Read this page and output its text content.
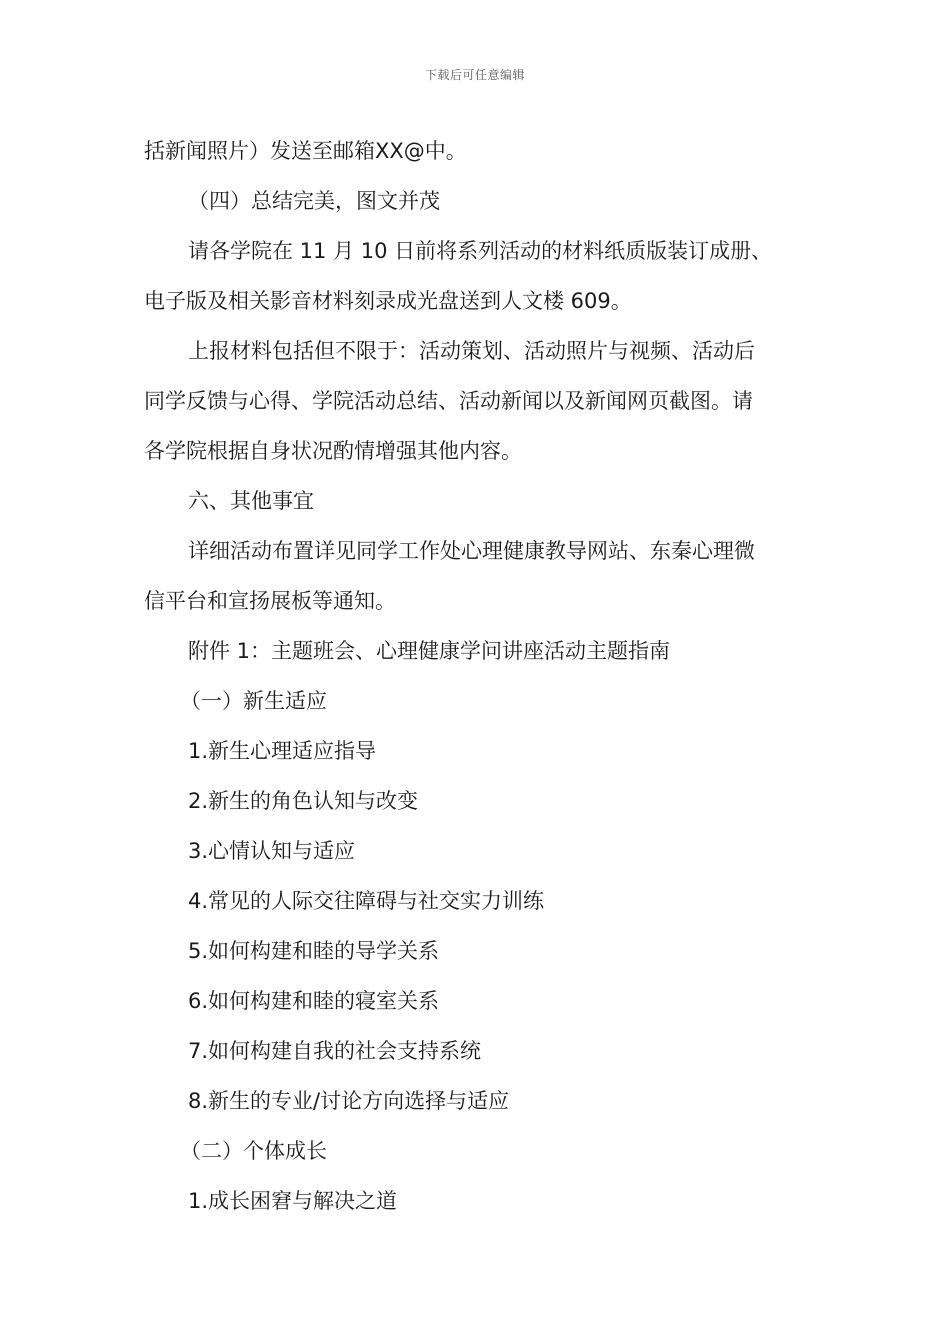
下载后可任意编辑
括新闻照片）发送至邮箱XX@中。
（四）总结完美，图文并茂
请各学院在 11 月 10 日前将系列活动的材料纸质版装订成册、
电子版及相关影音材料刻录成光盘送到人文楼 609。
上报材料包括但不限于：活动策划、活动照片与视频、活动后
同学反馈与心得、学院活动总结、活动新闻以及新闻网页截图。请
各学院根据自身状况酌情增强其他内容。
六、其他事宜
详细活动布置详见同学工作处心理健康教导网站、东秦心理微
信平台和宣扬展板等通知。
附件 1：主题班会、心理健康学问讲座活动主题指南
（一）新生适应
1.新生心理适应指导
2.新生的角色认知与改变
3.心情认知与适应
4.常见的人际交往障碍与社交实力训练
5.如何构建和睦的导学关系
6.如何构建和睦的寝室关系
7.如何构建自我的社会支持系统
8.新生的专业/讨论方向选择与适应
（二）个体成长
1.成长困窘与解决之道
